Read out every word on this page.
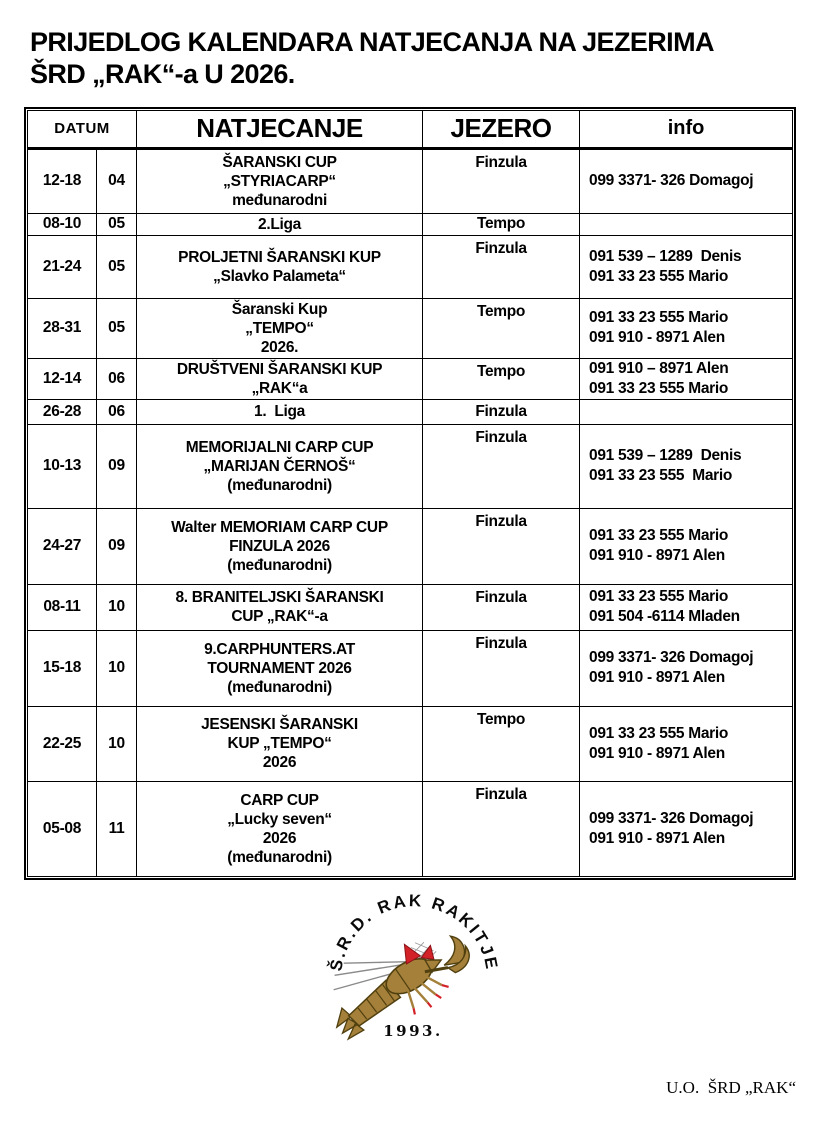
PRIJEDLOG KALENDARA NATJECANJA NA JEZERIMA
ŠRD „RAK“-a U 2026.
DATUM		NATJECANJE	JEZERO	info
12-18	04	ŠARANSKI CUP
„STYRIACARP“
međunarodni	Finzula	099 3371- 326 Domagoj

08-10	05	2.Liga	Tempo	
21-24	05	
PROLJETNI ŠARANSKI KUP
„Slavko Palameta“
	Finzula	091 539 – 1289  Denis
091 33 23 555 Mario

28-31	05	
Šaranski Kup
„TEMPO“
2026.
	Tempo	091 33 23 555 Mario
091 910 - 8971 Alen

12-14	06	
DRUŠTVENI ŠARANSKI KUP
„RAK“a
	Tempo	091 910 – 8971 Alen
091 33 23 555 Mario

26-28	06	1.  Liga	Finzula	
10-13	09	
MEMORIJALNI CARP CUP
„MARIJAN ČERNOŠ“
(međunarodni)
	Finzula	
091 539 – 1289  Denis
091 33 23 555  Mario

24-27	09	
Walter MEMORIAM CARP CUP
FINZULA 2026
(međunarodni)
	Finzula	
091 33 23 555 Mario
091 910 - 8971 Alen

08-11	10	
8. BRANITELJSKI ŠARANSKI
CUP „RAK“-a
	Finzula	091 33 23 555 Mario
091 504 -6114 Mladen

15-18	10	
9.CARPHUNTERS.AT
TOURNAMENT 2026
(međunarodni)
	Finzula	
099 3371- 326 Domagoj
091 910 - 8971 Alen

22-25	10	
JESENSKI ŠARANSKI
KUP „TEMPO“
2026
	Tempo	
091 33 23 555 Mario
091 910 - 8971 Alen

05-08	11	
CARP CUP
„Lucky seven“
2026
(međunarodni)
	Finzula	
099 3371- 326 Domagoj
091 910 - 8971 Alen
Š.R.D. RAK RAKITJE
1993.
U.O.  ŠRD „RAK“
